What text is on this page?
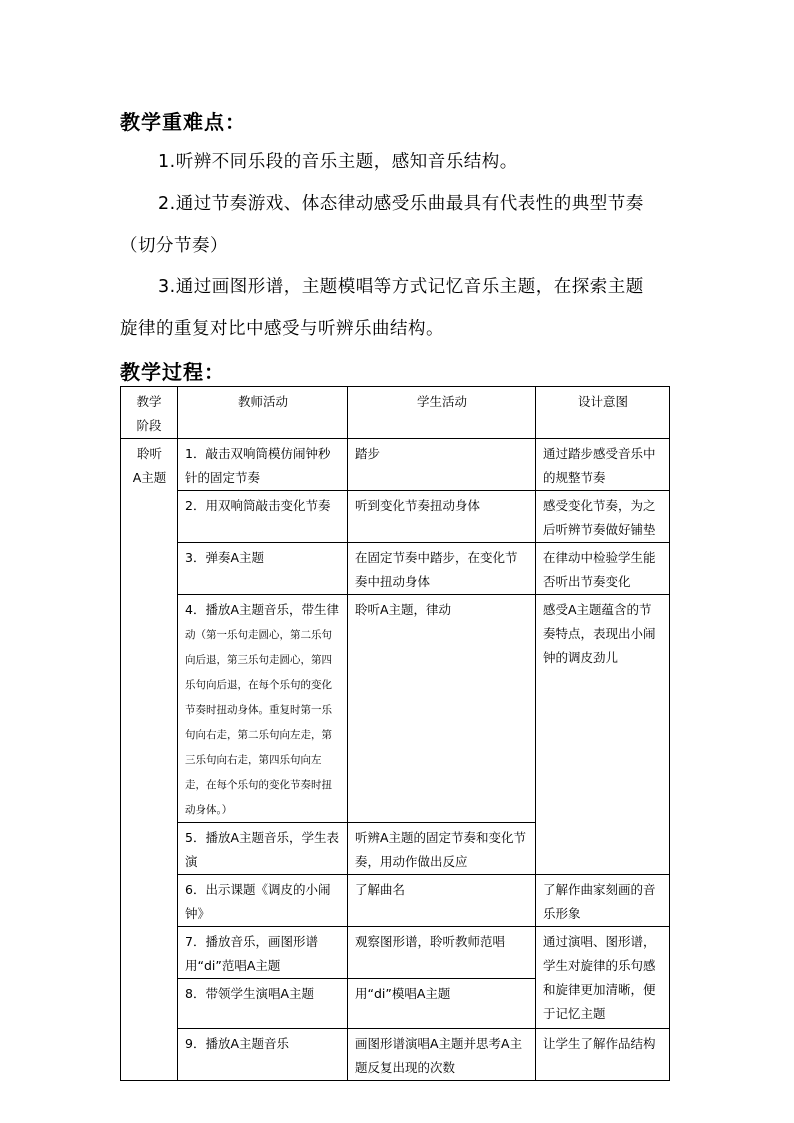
教学重难点：
1.听辨不同乐段的音乐主题，感知音乐结构。
2.通过节奏游戏、体态律动感受乐曲最具有代表性的典型节奏
（切分节奏）
3.通过画图形谱，主题模唱等方式记忆音乐主题，在探索主题
旋律的重复对比中感受与听辨乐曲结构。
教学过程：
教学
阶段	教师活动	学生活动	设计意图

聆听
A主题	1．敲击双响筒模仿闹钟秒针的固定节奏	踏步	通过踏步感受音乐中的规整节奏
	2．用双响筒敲击变化节奏	听到变化节奏扭动身体	感受变化节奏，为之后听辨节奏做好铺垫
	3．弹奏A主题	在固定节奏中踏步，在变化节奏中扭动身体	在律动中检验学生能否听出节奏变化
	4．播放A主题音乐，带生律动（第一乐句走圆心，第二乐句向后退，第三乐句走圆心，第四乐句向后退，在每个乐句的变化节奏时扭动身体。重复时第一乐句向右走，第二乐句向左走，第三乐句向右走，第四乐句向左走，在每个乐句的变化节奏时扭动身体。）	聆听A主题，律动	感受A主题蕴含的节奏特点，表现出小闹钟的调皮劲儿
	5．播放A主题音乐，学生表演	听辨A主题的固定节奏和变化节奏，用动作做出反应	
	6．出示课题《调皮的小闹钟》	了解曲名	了解作曲家刻画的音乐形象
	7．播放音乐，画图形谱用“di”范唱A主题	观察图形谱，聆听教师范唱	通过演唱、图形谱，学生对旋律的乐句感和旋律更加清晰，便于记忆主题
	8．带领学生演唱A主题	用“di”模唱A主题	
	9．播放A主题音乐	画图形谱演唱A主题并思考A主题反复出现的次数	让学生了解作品结构
